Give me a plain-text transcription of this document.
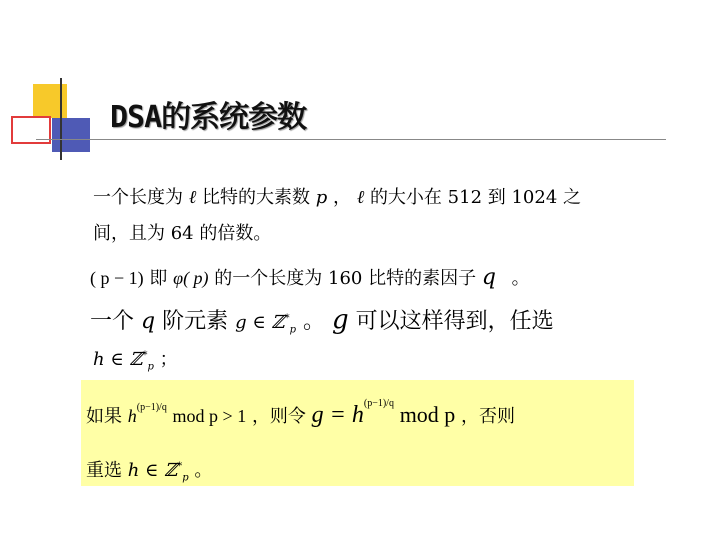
DSA的系统参数
一个长度为 ℓ 比特的大素数 p ， ℓ 的大小在 512 到 1024 之
间，且为 64 的倍数。
( p − 1) 即 φ( p) 的一个长度为 160 比特的素因子 q 。
一个 q 阶元素 g ∈ ℤ*$_p$ 。 g 可以这样得到，任选
h ∈ ℤ*$_p$ ；
如果 $h^{(p-1)/q}$ mod p > 1 ，则令 $g = h^{(p-1)/q}$ mod p ，否则
重选 h ∈ ℤ*$_p$ 。
